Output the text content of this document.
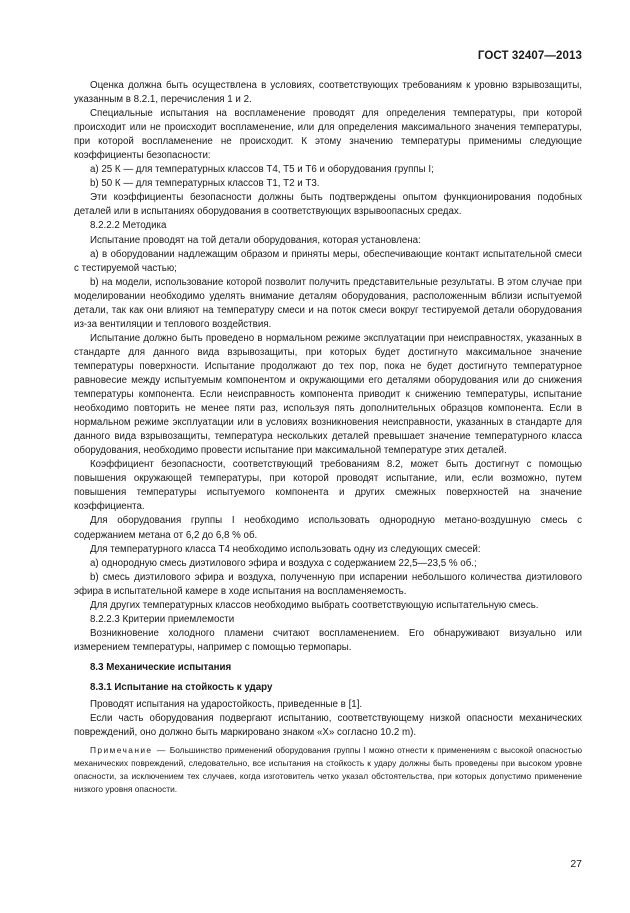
ГОСТ 32407—2013

Оценка должна быть осуществлена в условиях, соответствующих требованиям к уровню взрывозащиты, указанным в 8.2.1, перечисления 1 и 2.

Специальные испытания на воспламенение проводят для определения температуры, при которой происходит или не происходит воспламенение, или для определения максимального значения температуры, при которой воспламенение не происходит. К этому значению температуры применимы следующие коэффициенты безопасности:

a) 25 К — для температурных классов Т4, Т5 и Т6 и оборудования группы I;

b) 50 К — для температурных классов Т1, Т2 и Т3.

Эти коэффициенты безопасности должны быть подтверждены опытом функционирования подобных деталей или в испытаниях оборудования в соответствующих взрывоопасных средах.

8.2.2.2 Методика

Испытание проводят на той детали оборудования, которая установлена:

a) в оборудовании надлежащим образом и приняты меры, обеспечивающие контакт испытательной смеси с тестируемой частью;

b) на модели, использование которой позволит получить представительные результаты. В этом случае при моделировании необходимо уделять внимание деталям оборудования, расположенным вблизи испытуемой детали, так как они влияют на температуру смеси и на поток смеси вокруг тестируемой детали оборудования из-за вентиляции и теплового воздействия.

Испытание должно быть проведено в нормальном режиме эксплуатации при неисправностях, указанных в стандарте для данного вида взрывозащиты, при которых будет достигнуто максимальное значение температуры поверхности. Испытание продолжают до тех пор, пока не будет достигнуто температурное равновесие между испытуемым компонентом и окружающими его деталями оборудования или до снижения температуры компонента. Если неисправность компонента приводит к снижению температуры, испытание необходимо повторить не менее пяти раз, используя пять дополнительных образцов компонента. Если в нормальном режиме эксплуатации или в условиях возникновения неисправности, указанных в стандарте для данного вида взрывозащиты, температура нескольких деталей превышает значение температурного класса оборудования, необходимо провести испытание при максимальной температуре этих деталей.

Коэффициент безопасности, соответствующий требованиям 8.2, может быть достигнут с помощью повышения окружающей температуры, при которой проводят испытание, или, если возможно, путем повышения температуры испытуемого компонента и других смежных поверхностей на значение коэффициента.

Для оборудования группы I необходимо использовать однородную метано-воздушную смесь с содержанием метана от 6,2 до 6,8 % об.

Для температурного класса Т4 необходимо использовать одну из следующих смесей:

a) однородную смесь диэтилового эфира и воздуха с содержанием 22,5—23,5 % об.;

b) смесь диэтилового эфира и воздуха, полученную при испарении небольшого количества диэтилового эфира в испытательной камере в ходе испытания на воспламеняемость.

Для других температурных классов необходимо выбрать соответствующую испытательную смесь.

8.2.2.3 Критерии приемлемости

Возникновение холодного пламени считают воспламенением. Его обнаруживают визуально или измерением температуры, например с помощью термопары.

8.3 Механические испытания
8.3.1 Испытание на стойкость к удару

Проводят испытания на ударостойкость, приведенные в [1].

Если часть оборудования подвергают испытанию, соответствующему низкой опасности механических повреждений, оно должно быть маркировано знаком «X» согласно 10.2 m).

Примечание — Большинство применений оборудования группы I можно отнести к применениям с высокой опасностью механических повреждений, следовательно, все испытания на стойкость к удару должны быть проведены при высоком уровне опасности, за исключением тех случаев, когда изготовитель четко указал обстоятельства, при которых допустимо применение низкого уровня опасности.
27
